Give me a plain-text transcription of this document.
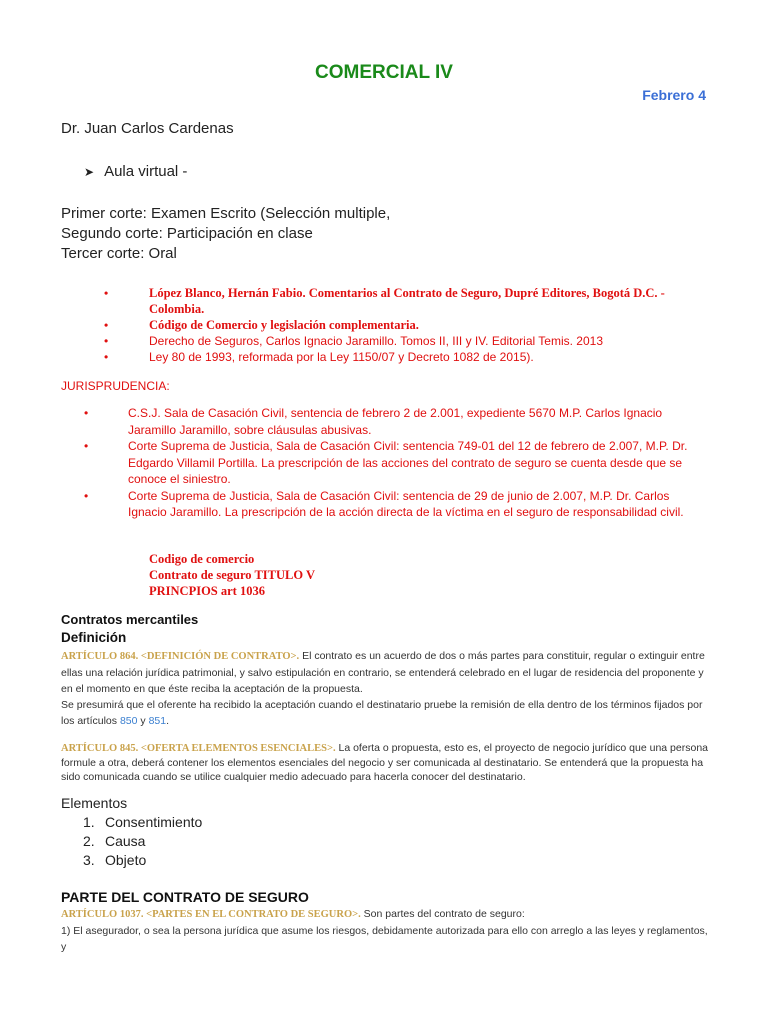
COMERCIAL IV
Febrero 4
Dr. Juan Carlos Cardenas
➤ Aula virtual -
Primer corte: Examen Escrito (Selección multiple,
Segundo corte: Participación en clase
Tercer corte: Oral
•	López Blanco, Hernán Fabio. Comentarios al Contrato de Seguro, Dupré Editores, Bogotá D.C. - Colombia.
•	Código de Comercio y legislación complementaria.
•	Derecho de Seguros, Carlos Ignacio Jaramillo. Tomos II, III y IV. Editorial Temis. 2013
•	Ley 80 de 1993, reformada por la Ley 1150/07 y Decreto 1082 de 2015).
JURISPRUDENCIA:
•	C.S.J. Sala de Casación Civil, sentencia de febrero 2 de 2.001, expediente 5670 M.P. Carlos Ignacio Jaramillo Jaramillo, sobre cláusulas abusivas.
•	Corte Suprema de Justicia, Sala de Casación Civil: sentencia 749-01 del 12 de febrero de 2.007, M.P. Dr. Edgardo Villamil Portilla. La prescripción de las acciones del contrato de seguro se cuenta desde que se conoce el siniestro.
•	Corte Suprema de Justicia, Sala de Casación Civil: sentencia de 29 de junio de 2.007, M.P. Dr. Carlos Ignacio Jaramillo. La prescripción de la acción directa de la víctima en el seguro de responsabilidad civil.
Codigo de comercio
Contrato de seguro TITULO V
PRINCPIOS art 1036
Contratos mercantiles
Definición
ARTÍCULO 864. <DEFINICIÓN DE CONTRATO>. El contrato es un acuerdo de dos o más partes para constituir, regular o extinguir entre ellas una relación jurídica patrimonial, y salvo estipulación en contrario, se entenderá celebrado en el lugar de residencia del proponente y en el momento en que éste reciba la aceptación de la propuesta.
Se presumirá que el oferente ha recibido la aceptación cuando el destinatario pruebe la remisión de ella dentro de los términos fijados por los artículos 850 y 851.
ARTÍCULO 845. <OFERTA ELEMENTOS ESENCIALES>. La oferta o propuesta, esto es, el proyecto de negocio jurídico que una persona formule a otra, deberá contener los elementos esenciales del negocio y ser comunicada al destinatario. Se entenderá que la propuesta ha sido comunicada cuando se utilice cualquier medio adecuado para hacerla conocer del destinatario.
Elementos
1. Consentimiento
2. Causa
3. Objeto
PARTE DEL CONTRATO DE SEGURO
ARTÍCULO 1037. <PARTES EN EL CONTRATO DE SEGURO>. Son partes del contrato de seguro:
1) El asegurador, o sea la persona jurídica que asume los riesgos, debidamente autorizada para ello con arreglo a las leyes y reglamentos, y
